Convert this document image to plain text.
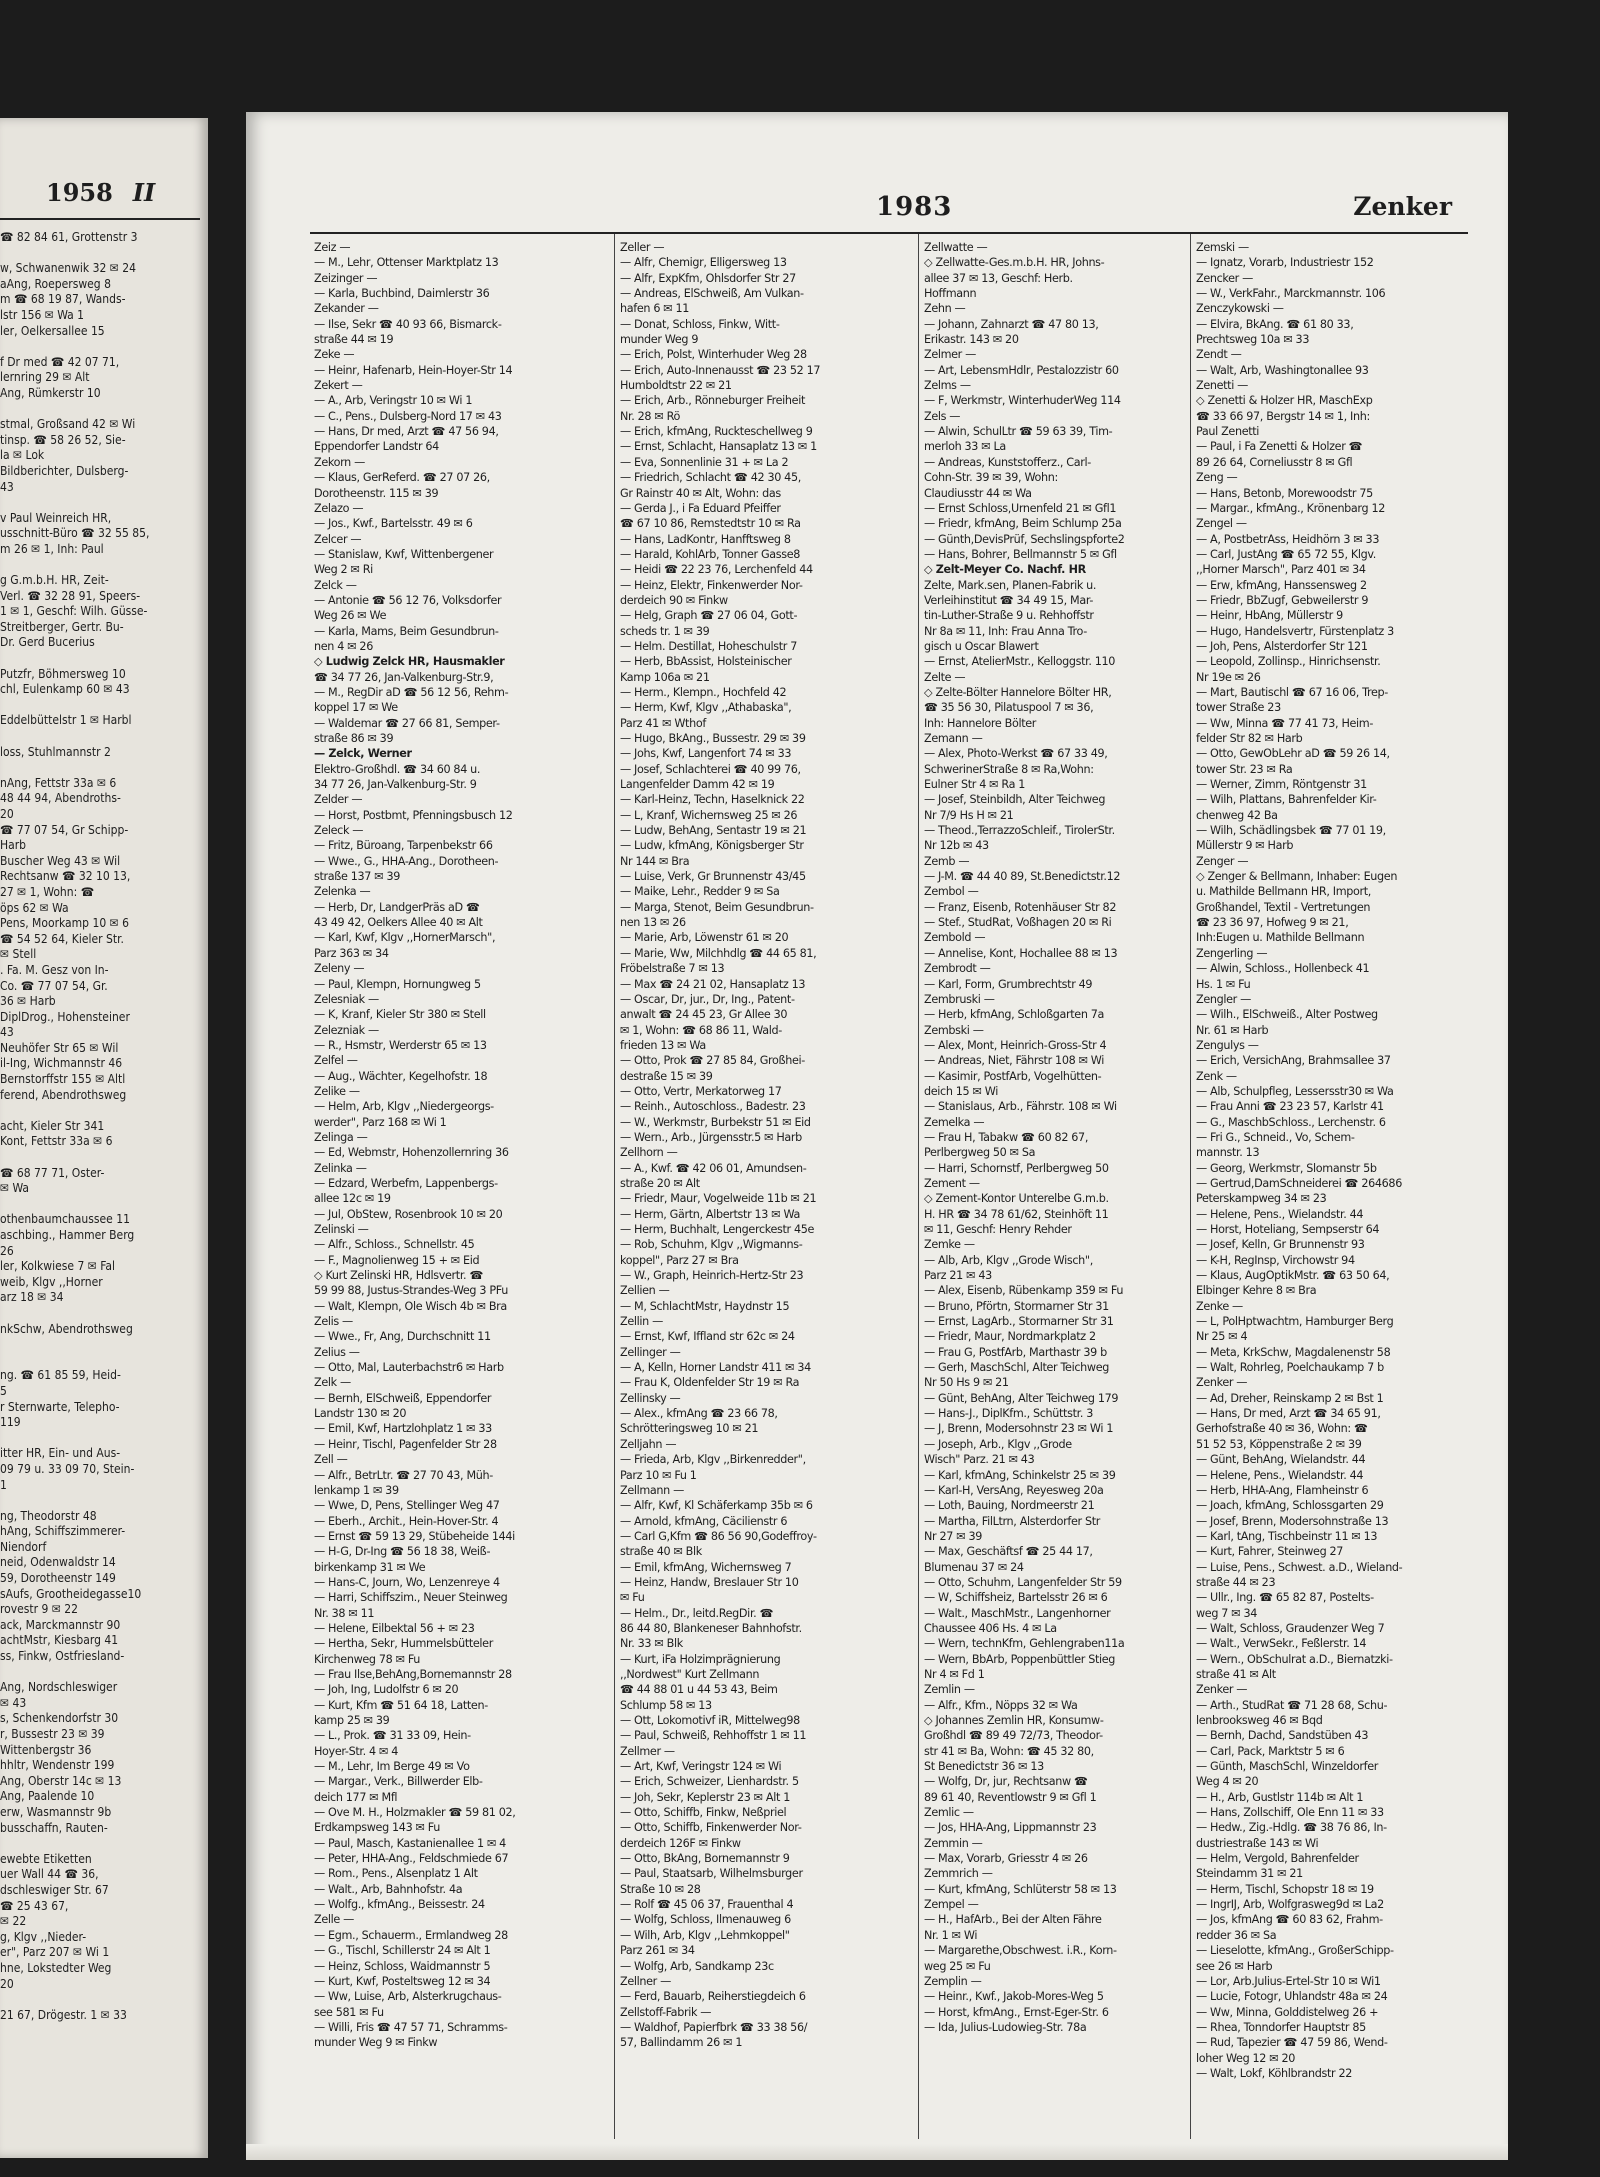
1958 II
☎ 82 84 61, Grottenstr 3
w, Schwanenwik 32 ✉ 24
aAng, Roepersweg 8
m ☎ 68 19 87, Wands-
lstr 156 ✉ Wa 1
ler, Oelkersallee 15
f Dr med ☎ 42 07 71,
lernring 29 ✉ Alt
Ang, Rümkerstr 10
stmal, Großsand 42 ✉ Wi
tinsp. ☎ 58 26 52, Sie-
la ✉ Lok
Bildberichter, Dulsberg-
43
v Paul Weinreich HR,
usschnitt-Büro ☎ 32 55 85,
m 26 ✉ 1, Inh: Paul
g G.m.b.H. HR, Zeit-
Verl. ☎ 32 28 91, Speers-
1 ✉ 1, Geschf: Wilh. Güsse-
Streitberger, Gertr. Bu-
Dr. Gerd Bucerius
Putzfr, Böhmersweg 10
chl, Eulenkamp 60 ✉ 43
Eddelbüttelstr 1 ✉ Harbl
loss, Stuhlmannstr 2
nAng, Fettstr 33a ✉ 6
48 44 94, Abendroths-
20
☎ 77 07 54, Gr Schipp-
Harb
Buscher Weg 43 ✉ Wil
Rechtsanw ☎ 32 10 13,
27 ✉ 1, Wohn: ☎
öps 62 ✉ Wa
Pens, Moorkamp 10 ✉ 6
☎ 54 52 64, Kieler Str.
✉ Stell
. Fa. M. Gesz von In-
Co. ☎ 77 07 54, Gr.
36 ✉ Harb
DiplDrog., Hohensteiner
43
Neuhöfer Str 65 ✉ Wil
il-Ing, Wichmannstr 46
Bernstorffstr 155 ✉ Altl
ferend, Abendrothsweg
acht, Kieler Str 341
Kont, Fettstr 33a ✉ 6
☎ 68 77 71, Oster-
✉ Wa
othenbaumchaussee 11
aschbing., Hammer Berg
26
ler, Kolkwiese 7 ✉ Fal
weib, Klgv ,,Horner
arz 18 ✉ 34
nkSchw, Abendrothsweg
ng. ☎ 61 85 59, Heid-
5
r Sternwarte, Telepho-
119
itter HR, Ein- und Aus-
09 79 u. 33 09 70, Stein-
1
ng, Theodorstr 48
hAng, Schiffszimmerer-
Niendorf
neid, Odenwaldstr 14
59, Dorotheenstr 149
sAufs, Grootheidegasse10
rovestr 9 ✉ 22
ack, Marckmannstr 90
achtMstr, Kiesbarg 41
ss, Finkw, Ostfriesland-
Ang, Nordschleswiger
✉ 43
s, Schenkendorfstr 30
r, Bussestr 23 ✉ 39
Wittenbergstr 36
hhltr, Wendenstr 199
Ang, Oberstr 14c ✉ 13
Ang, Paalende 10
erw, Wasmannstr 9b
busschaffn, Rauten-
ewebte Etiketten
uer Wall 44 ☎ 36,
dschleswiger Str. 67
☎ 25 43 67,
✉ 22
g, Klgv ,,Nieder-
er", Parz 207 ✉ Wi 1
hne, Lokstedter Weg
20
21 67, Drögestr. 1 ✉ 33
1983	Zenker
Zeiz —
— M., Lehr, Ottenser Marktplatz 13
Zeizinger —
— Karla, Buchbind, Daimlerstr 36
Zekander —
— Ilse, Sekr ☎ 40 93 66, Bismarck-
straße 44 ✉ 19
Zeke —
— Heinr, Hafenarb, Hein-Hoyer-Str 14
Zekert —
— A., Arb, Veringstr 10 ✉ Wi 1
— C., Pens., Dulsberg-Nord 17 ✉ 43
— Hans, Dr med, Arzt ☎ 47 56 94,
Eppendorfer Landstr 64
Zekorn —
— Klaus, GerReferd. ☎ 27 07 26,
Dorotheenstr. 115 ✉ 39
Zelazo —
— Jos., Kwf., Bartelsstr. 49 ✉ 6
Zelcer —
— Stanislaw, Kwf, Wittenbergener
Weg 2 ✉ Ri
Zelck —
— Antonie ☎ 56 12 76, Volksdorfer
Weg 26 ✉ We
— Karla, Mams, Beim Gesundbrun-
nen 4 ✉ 26
◇ Ludwig Zelck HR, Hausmakler
☎ 34 77 26, Jan-Valkenburg-Str.9,
— M., RegDir aD ☎ 56 12 56, Rehm-
koppel 17 ✉ We
— Waldemar ☎ 27 66 81, Semper-
straße 86 ✉ 39
— Zelck, Werner
Elektro-Großhdl. ☎ 34 60 84 u.
34 77 26, Jan-Valkenburg-Str. 9
Zelder —
— Horst, Postbmt, Pfenningsbusch 12
Zeleck —
— Fritz, Büroang, Tarpenbekstr 66
— Wwe., G., HHA-Ang., Dorotheen-
straße 137 ✉ 39
Zelenka —
— Herb, Dr, LandgerPräs aD ☎
43 49 42, Oelkers Allee 40 ✉ Alt
— Karl, Kwf, Klgv ,,HornerMarsch",
Parz 363 ✉ 34
Zeleny —
— Paul, Klempn, Hornungweg 5
Zelesniak —
— K, Kranf, Kieler Str 380 ✉ Stell
Zelezniak —
— R., Hsmstr, Werderstr 65 ✉ 13
Zelfel —
— Aug., Wächter, Kegelhofstr. 18
Zelike —
— Helm, Arb, Klgv ,,Niedergeorgs-
werder", Parz 168 ✉ Wi 1
Zelinga —
— Ed, Webmstr, Hohenzollernring 36
Zelinka —
— Edzard, Werbefm, Lappenbergs-
allee 12c ✉ 19
— Jul, ObStew, Rosenbrook 10 ✉ 20
Zelinski —
— Alfr., Schloss., Schnellstr. 45
— F., Magnolienweg 15 + ✉ Eid
◇ Kurt Zelinski HR, Hdlsvertr. ☎
59 99 88, Justus-Strandes-Weg 3 PFu
— Walt, Klempn, Ole Wisch 4b ✉ Bra
Zelis —
— Wwe., Fr, Ang, Durchschnitt 11
Zelius —
— Otto, Mal, Lauterbachstr6 ✉ Harb
Zelk —
— Bernh, ElSchweiß, Eppendorfer
Landstr 130 ✉ 20
— Emil, Kwf, Hartzlohplatz 1 ✉ 33
— Heinr, Tischl, Pagenfelder Str 28
Zell —
— Alfr., BetrLtr. ☎ 27 70 43, Müh-
lenkamp 1 ✉ 39
— Wwe, D, Pens, Stellinger Weg 47
— Eberh., Archit., Hein-Hover-Str. 4
— Ernst ☎ 59 13 29, Stübeheide 144i
— H-G, Dr-Ing ☎ 56 18 38, Weiß-
birkenkamp 31 ✉ We
— Hans-C, Journ, Wo, Lenzenreye 4
— Harri, Schiffszim., Neuer Steinweg
Nr. 38 ✉ 11
— Helene, Eilbektal 56 + ✉ 23
— Hertha, Sekr, Hummelsbütteler
Kirchenweg 78 ✉ Fu
— Frau Ilse,BehAng,Bornemannstr 28
— Joh, Ing, Ludolfstr 6 ✉ 20
— Kurt, Kfm ☎ 51 64 18, Latten-
kamp 25 ✉ 39
— L., Prok. ☎ 31 33 09, Hein-
Hoyer-Str. 4 ✉ 4
— M., Lehr, Im Berge 49 ✉ Vo
— Margar., Verk., Billwerder Elb-
deich 177 ✉ Mfl
— Ove M. H., Holzmakler ☎ 59 81 02,
Erdkampsweg 143 ✉ Fu
— Paul, Masch, Kastanienallee 1 ✉ 4
— Peter, HHA-Ang., Feldschmiede 67
— Rom., Pens., Alsenplatz 1 Alt
— Walt., Arb, Bahnhofstr. 4a
— Wolfg., kfmAng., Beissestr. 24
Zelle —
— Egm., Schauerm., Ermlandweg 28
— G., Tischl, Schillerstr 24 ✉ Alt 1
— Heinz, Schloss, Waidmannstr 5
— Kurt, Kwf, Posteltsweg 12 ✉ 34
— Ww, Luise, Arb, Alsterkrugchaus-
see 581 ✉ Fu
— Willi, Fris ☎ 47 57 71, Schramms-
munder Weg 9 ✉ Finkw
Zeller —
— Alfr, Chemigr, Elligersweg 13
— Alfr, ExpKfm, Ohlsdorfer Str 27
— Andreas, ElSchweiß, Am Vulkan-
hafen 6 ✉ 11
— Donat, Schloss, Finkw, Witt-
munder Weg 9
— Erich, Polst, Winterhuder Weg 28
— Erich, Auto-Innenausst ☎ 23 52 17
Humboldtstr 22 ✉ 21
— Erich, Arb., Rönneburger Freiheit
Nr. 28 ✉ Rö
— Erich, kfmAng, Ruckteschellweg 9
— Ernst, Schlacht, Hansaplatz 13 ✉ 1
— Eva, Sonnenlinie 31 + ✉ La 2
— Friedrich, Schlacht ☎ 42 30 45,
Gr Rainstr 40 ✉ Alt, Wohn: das
— Gerda J., i Fa Eduard Pfeiffer
☎ 67 10 86, Remstedtstr 10 ✉ Ra
— Hans, LadKontr, Hanfftsweg 8
— Harald, KohlArb, Tonner Gasse8
— Heidi ☎ 22 23 76, Lerchenfeld 44
— Heinz, Elektr, Finkenwerder Nor-
derdeich 90 ✉ Finkw
— Helg, Graph ☎ 27 06 04, Gott-
scheds tr. 1 ✉ 39
— Helm. Destillat, Hoheschulstr 7
— Herb, BbAssist, Holsteinischer
Kamp 106a ✉ 21
— Herm., Klempn., Hochfeld 42
— Herm, Kwf, Klgv ,,Athabaska",
Parz 41 ✉ Wthof
— Hugo, BkAng., Bussestr. 29 ✉ 39
— Johs, Kwf, Langenfort 74 ✉ 33
— Josef, Schlachterei ☎ 40 99 76,
Langenfelder Damm 42 ✉ 19
— Karl-Heinz, Techn, Haselknick 22
— L, Kranf, Wichernsweg 25 ✉ 26
— Ludw, BehAng, Sentastr 19 ✉ 21
— Ludw, kfmAng, Königsberger Str
Nr 144 ✉ Bra
— Luise, Verk, Gr Brunnenstr 43/45
— Maike, Lehr., Redder 9 ✉ Sa
— Marga, Stenot, Beim Gesundbrun-
nen 13 ✉ 26
— Marie, Arb, Löwenstr 61 ✉ 20
— Marie, Ww, Milchhdlg ☎ 44 65 81,
Fröbelstraße 7 ✉ 13
— Max ☎ 24 21 02, Hansaplatz 13
— Oscar, Dr, jur., Dr, Ing., Patent-
anwalt ☎ 24 45 23, Gr Allee 30
✉ 1, Wohn: ☎ 68 86 11, Wald-
frieden 13 ✉ Wa
— Otto, Prok ☎ 27 85 84, Großhei-
destraße 15 ✉ 39
— Otto, Vertr, Merkatorweg 17
— Reinh., Autoschloss., Badestr. 23
— W., Werkmstr, Burbekstr 51 ✉ Eid
— Wern., Arb., Jürgensstr.5 ✉ Harb
Zellhorn —
— A., Kwf. ☎ 42 06 01, Amundsen-
straße 20 ✉ Alt
— Friedr, Maur, Vogelweide 11b ✉ 21
— Herm, Gärtn, Albertstr 13 ✉ Wa
— Herm, Buchhalt, Lengerckestr 45e
— Rob, Schuhm, Klgv ,,Wigmanns-
koppel", Parz 27 ✉ Bra
— W., Graph, Heinrich-Hertz-Str 23
Zellien —
— M, SchlachtMstr, Haydnstr 15
Zellin —
— Ernst, Kwf, Iffland str 62c ✉ 24
Zellinger —
— A, Kelln, Horner Landstr 411 ✉ 34
— Frau K, Oldenfelder Str 19 ✉ Ra
Zellinsky —
— Alex., kfmAng ☎ 23 66 78,
Schrötteringsweg 10 ✉ 21
Zelljahn —
— Frieda, Arb, Klgv ,,Birkenredder",
Parz 10 ✉ Fu 1
Zellmann —
— Alfr, Kwf, Kl Schäferkamp 35b ✉ 6
— Arnold, kfmAng, Cäcilienstr 6
— Carl G,Kfm ☎ 86 56 90,Godeffroy-
straße 40 ✉ Blk
— Emil, kfmAng, Wichernsweg 7
— Heinz, Handw, Breslauer Str 10
✉ Fu
— Helm., Dr., leitd.RegDir. ☎
86 44 80, Blankeneser Bahnhofstr.
Nr. 33 ✉ Blk
— Kurt, iFa Holzimprägnierung
,,Nordwest" Kurt Zellmann
☎ 44 88 01 u 44 53 43, Beim
Schlump 58 ✉ 13
— Ott, Lokomotivf iR, Mittelweg98
— Paul, Schweiß, Rehhoffstr 1 ✉ 11
Zellmer —
— Art, Kwf, Veringstr 124 ✉ Wi
— Erich, Schweizer, Lienhardstr. 5
— Joh, Sekr, Keplerstr 23 ✉ Alt 1
— Otto, Schiffb, Finkw, Neßpriel
— Otto, Schiffb, Finkenwerder Nor-
derdeich 126F ✉ Finkw
— Otto, BkAng, Bornemannstr 9
— Paul, Staatsarb, Wilhelmsburger
Straße 10 ✉ 28
— Rolf ☎ 45 06 37, Frauenthal 4
— Wolfg, Schloss, Ilmenauweg 6
— Wilh, Arb, Klgv ,,Lehmkoppel"
Parz 261 ✉ 34
— Wolfg, Arb, Sandkamp 23c
Zellner —
— Ferd, Bauarb, Reiherstiegdeich 6
Zellstoff-Fabrik —
— Waldhof, Papierfbrk ☎ 33 38 56/
57, Ballindamm 26 ✉ 1
Zellwatte —
◇ Zellwatte-Ges.m.b.H. HR, Johns-
allee 37 ✉ 13, Geschf: Herb.
Hoffmann
Zehn —
— Johann, Zahnarzt ☎ 47 80 13,
Erikastr. 143 ✉ 20
Zelmer —
— Art, LebensmHdlr, Pestalozzistr 60
Zelms —
— F, Werkmstr, WinterhuderWeg 114
Zels —
— Alwin, SchulLtr ☎ 59 63 39, Tim-
merloh 33 ✉ La
— Andreas, Kunststofferz., Carl-
Cohn-Str. 39 ✉ 39, Wohn:
Claudiusstr 44 ✉ Wa
— Ernst Schloss,Urnenfeld 21 ✉ Gfl1
— Friedr, kfmAng, Beim Schlump 25a
— Günth,DevisPrüf, Sechslingspforte2
— Hans, Bohrer, Bellmannstr 5 ✉ Gfl
◇ Zelt-Meyer Co. Nachf. HR
Zelte, Mark.sen, Planen-Fabrik u.
Verleihinstitut ☎ 34 49 15, Mar-
tin-Luther-Straße 9 u. Rehhoffstr
Nr 8a ✉ 11, Inh: Frau Anna Tro-
gisch u Oscar Blawert
— Ernst, AtelierMstr., Kelloggstr. 110
Zelte —
◇ Zelte-Bölter Hannelore Bölter HR,
☎ 35 56 30, Pilatuspool 7 ✉ 36,
Inh: Hannelore Bölter
Zemann —
— Alex, Photo-Werkst ☎ 67 33 49,
SchwerinerStraße 8 ✉ Ra,Wohn:
Eulner Str 4 ✉ Ra 1
— Josef, Steinbildh, Alter Teichweg
Nr 7/9 Hs H ✉ 21
— Theod.,TerrazzoSchleif., TirolerStr.
Nr 12b ✉ 43
Zemb —
— J-M. ☎ 44 40 89, St.Benedictstr.12
Zembol —
— Franz, Eisenb, Rotenhäuser Str 82
— Stef., StudRat, Voßhagen 20 ✉ Ri
Zembold —
— Annelise, Kont, Hochallee 88 ✉ 13
Zembrodt —
— Karl, Form, Grumbrechtstr 49
Zembruski —
— Herb, kfmAng, Schloßgarten 7a
Zembski —
— Alex, Mont, Heinrich-Gross-Str 4
— Andreas, Niet, Fährstr 108 ✉ Wi
— Kasimir, PostfArb, Vogelhütten-
deich 15 ✉ Wi
— Stanislaus, Arb., Fährstr. 108 ✉ Wi
Zemelka —
— Frau H, Tabakw ☎ 60 82 67,
Perlbergweg 50 ✉ Sa
— Harri, Schornstf, Perlbergweg 50
Zement —
◇ Zement-Kontor Unterelbe G.m.b.
H. HR ☎ 34 78 61/62, Steinhöft 11
✉ 11, Geschf: Henry Rehder
Zemke —
— Alb, Arb, Klgv ,,Grode Wisch",
Parz 21 ✉ 43
— Alex, Eisenb, Rübenkamp 359 ✉ Fu
— Bruno, Pförtn, Stormarner Str 31
— Ernst, LagArb., Stormarner Str 31
— Friedr, Maur, Nordmarkplatz 2
— Frau G, PostfArb, Marthastr 39 b
— Gerh, MaschSchl, Alter Teichweg
Nr 50 Hs 9 ✉ 21
— Günt, BehAng, Alter Teichweg 179
— Hans-J., DiplKfm., Schüttstr. 3
— J, Brenn, Modersohnstr 23 ✉ Wi 1
— Joseph, Arb., Klgv ,,Grode
Wisch" Parz. 21 ✉ 43
— Karl, kfmAng, Schinkelstr 25 ✉ 39
— Karl-H, VersAng, Reyesweg 20a
— Loth, Bauing, Nordmeerstr 21
— Martha, FilLtrn, Alsterdorfer Str
Nr 27 ✉ 39
— Max, Geschäftsf ☎ 25 44 17,
Blumenau 37 ✉ 24
— Otto, Schuhm, Langenfelder Str 59
— W, Schiffsheiz, Bartelsstr 26 ✉ 6
— Walt., MaschMstr., Langenhorner
Chaussee 406 Hs. 4 ✉ La
— Wern, technKfm, Gehlengraben11a
— Wern, BbArb, Poppenbüttler Stieg
Nr 4 ✉ Fd 1
Zemlin —
— Alfr., Kfm., Nöpps 32 ✉ Wa
◇ Johannes Zemlin HR, Konsumw-
Großhdl ☎ 89 49 72/73, Theodor-
str 41 ✉ Ba, Wohn: ☎ 45 32 80,
St Benedictstr 36 ✉ 13
— Wolfg, Dr, jur, Rechtsanw ☎
89 61 40, Reventlowstr 9 ✉ Gfl 1
Zemlic —
— Jos, HHA-Ang, Lippmannstr 23
Zemmin —
— Max, Vorarb, Griesstr 4 ✉ 26
Zemmrich —
— Kurt, kfmAng, Schlüterstr 58 ✉ 13
Zempel —
— H., HafArb., Bei der Alten Fähre
Nr. 1 ✉ Wi
— Margarethe,Obschwest. i.R., Korn-
weg 25 ✉ Fu
Zemplin —
— Heinr., Kwf., Jakob-Mores-Weg 5
— Horst, kfmAng., Ernst-Eger-Str. 6
— Ida, Julius-Ludowieg-Str. 78a
Zemski —
— Ignatz, Vorarb, Industriestr 152
Zencker —
— W., VerkFahr., Marckmannstr. 106
Zenczykowski —
— Elvira, BkAng. ☎ 61 80 33,
Prechtsweg 10a ✉ 33
Zendt —
— Walt, Arb, Washingtonallee 93
Zenetti —
◇ Zenetti & Holzer HR, MaschExp
☎ 33 66 97, Bergstr 14 ✉ 1, Inh:
Paul Zenetti
— Paul, i Fa Zenetti & Holzer ☎
89 26 64, Corneliusstr 8 ✉ Gfl
Zeng —
— Hans, Betonb, Morewoodstr 75
— Margar., kfmAng., Krönenbarg 12
Zengel —
— A, PostbetrAss, Heidhörn 3 ✉ 33
— Carl, JustAng ☎ 65 72 55, Klgv.
,,Horner Marsch", Parz 401 ✉ 34
— Erw, kfmAng, Hanssensweg 2
— Friedr, BbZugf, Gebweilerstr 9
— Heinr, HbAng, Müllerstr 9
— Hugo, Handelsvertr, Fürstenplatz 3
— Joh, Pens, Alsterdorfer Str 121
— Leopold, Zollinsp., Hinrichsenstr.
Nr 19e ✉ 26
— Mart, Bautischl ☎ 67 16 06, Trep-
tower Straße 23
— Ww, Minna ☎ 77 41 73, Heim-
felder Str 82 ✉ Harb
— Otto, GewObLehr aD ☎ 59 26 14,
tower Str. 23 ✉ Ra
— Werner, Zimm, Röntgenstr 31
— Wilh, Plattans, Bahrenfelder Kir-
chenweg 42 Ba
— Wilh, Schädlingsbek ☎ 77 01 19,
Müllerstr 9 ✉ Harb
Zenger —
◇ Zenger & Bellmann, Inhaber: Eugen
u. Mathilde Bellmann HR, Import,
Großhandel, Textil - Vertretungen
☎ 23 36 97, Hofweg 9 ✉ 21,
Inh:Eugen u. Mathilde Bellmann
Zengerling —
— Alwin, Schloss., Hollenbeck 41
Hs. 1 ✉ Fu
Zengler —
— Wilh., ElSchweiß., Alter Postweg
Nr. 61 ✉ Harb
Zengulys —
— Erich, VersichAng, Brahmsallee 37
Zenk —
— Alb, Schulpfleg, Lessersstr30 ✉ Wa
— Frau Anni ☎ 23 23 57, Karlstr 41
— G., MaschbSchloss., Lerchenstr. 6
— Fri G., Schneid., Vo, Schem-
mannstr. 13
— Georg, Werkmstr, Slomanstr 5b
— Gertrud,DamSchneiderei ☎ 264686
Peterskampweg 34 ✉ 23
— Helene, Pens., Wielandstr. 44
— Horst, Hoteliang, Sempserstr 64
— Josef, Kelln, Gr Brunnenstr 93
— K-H, RegInsp, Virchowstr 94
— Klaus, AugOptikMstr. ☎ 63 50 64,
Elbinger Kehre 8 ✉ Bra
Zenke —
— L, PolHptwachtm, Hamburger Berg
Nr 25 ✉ 4
— Meta, KrkSchw, Magdalenenstr 58
— Walt, Rohrleg, Poelchaukamp 7 b
Zenker —
— Ad, Dreher, Reinskamp 2 ✉ Bst 1
— Hans, Dr med, Arzt ☎ 34 65 91,
Gerhofstraße 40 ✉ 36, Wohn: ☎
51 52 53, Köppenstraße 2 ✉ 39
— Günt, BehAng, Wielandstr. 44
— Helene, Pens., Wielandstr. 44
— Herb, HHA-Ang, Flamheinstr 6
— Joach, kfmAng, Schlossgarten 29
— Josef, Brenn, Modersohnstraße 13
— Karl, tAng, Tischbeinstr 11 ✉ 13
— Kurt, Fahrer, Steinweg 27
— Luise, Pens., Schwest. a.D., Wieland-
straße 44 ✉ 23
— Ullr., Ing. ☎ 65 82 87, Postelts-
weg 7 ✉ 34
— Walt, Schloss, Graudenzer Weg 7
— Walt., VerwSekr., Feßlerstr. 14
— Wern., ObSchulrat a.D., Biernatzki-
straße 41 ✉ Alt
Zenker —
— Arth., StudRat ☎ 71 28 68, Schu-
lenbrooksweg 46 ✉ Bqd
— Bernh, Dachd, Sandstüben 43
— Carl, Pack, Marktstr 5 ✉ 6
— Günth, MaschSchl, Winzeldorfer
Weg 4 ✉ 20
— H., Arb, Gustlstr 114b ✉ Alt 1
— Hans, Zollschiff, Ole Enn 11 ✉ 33
— Hedw., Zig.-Hdlg. ☎ 38 76 86, In-
dustriestraße 143 ✉ Wi
— Helm, Vergold, Bahrenfelder
Steindamm 31 ✉ 21
— Herm, Tischl, Schopstr 18 ✉ 19
— IngrIJ, Arb, Wolfgrasweg9d ✉ La2
— Jos, kfmAng ☎ 60 83 62, Frahm-
redder 36 ✉ Sa
— Lieselotte, kfmAng., GroßerSchipp-
see 26 ✉ Harb
— Lor, Arb.Julius-Ertel-Str 10 ✉ Wi1
— Lucie, Fotogr, Uhlandstr 48a ✉ 24
— Ww, Minna, Golddistelweg 26 +
— Rhea, Tonndorfer Hauptstr 85
— Rud, Tapezier ☎ 47 59 86, Wend-
loher Weg 12 ✉ 20
— Walt, Lokf, Köhlbrandstr 22
